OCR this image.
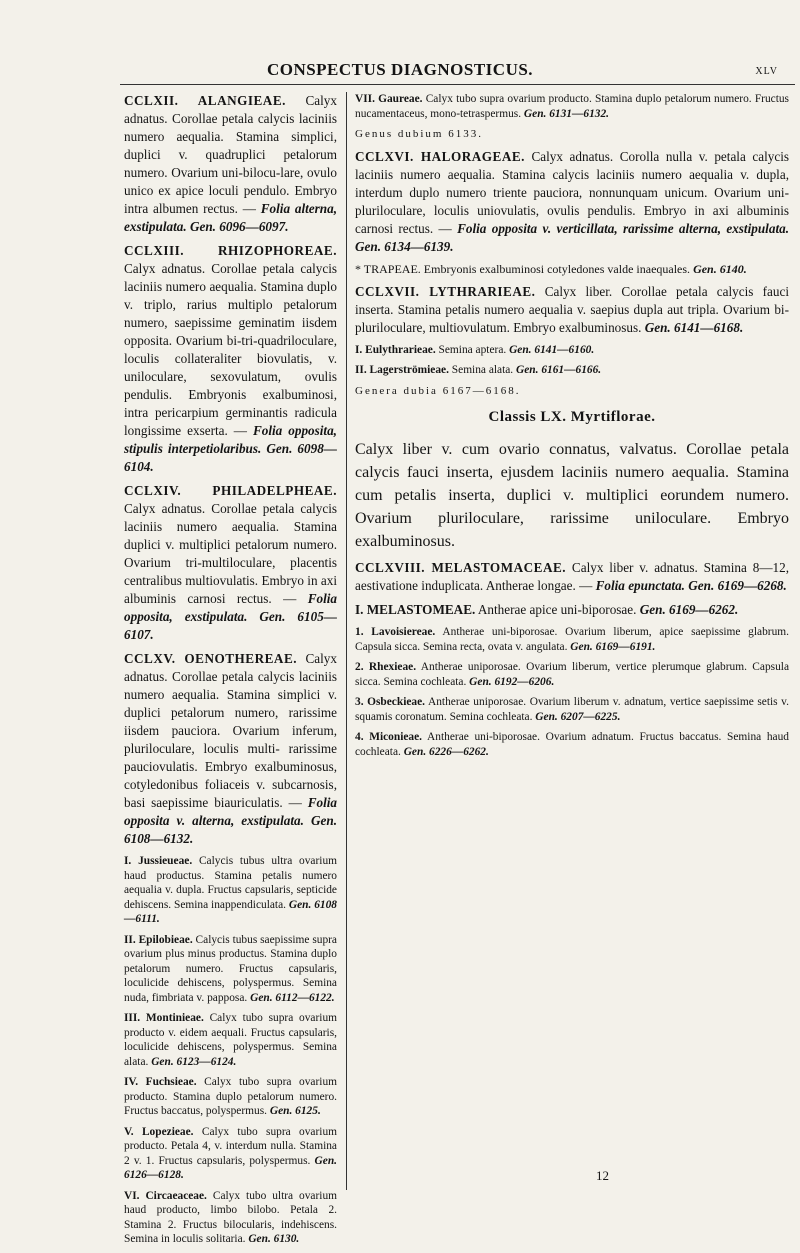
CONSPECTUS DIAGNOSTICUS.	XLV

CCLXII. ALANGIEAE. Calyx adnatus. Corollae petala calycis laciniis numero aequalia. Stamina simplici, duplici v. quadruplici petalorum numero. Ovarium uni-bilocu-lare, ovulo unico ex apice loculi pendulo. Embryo intra albumen rectus. — Folia alterna, exstipulata. Gen. 6096—6097.

CCLXIII. RHIZOPHOREAE. Calyx adnatus. Corollae petala calycis laciniis numero aequalia. Stamina duplo v. triplo, rarius multiplo petalorum numero, saepissime geminatim iisdem opposita. Ovarium bi-tri-quadriloculare, loculis collateraliter biovulatis, v. uniloculare, sexovulatum, ovulis pendulis. Embryonis exalbuminosi, intra pericarpium germinantis radicula longissime exserta. — Folia opposita, stipulis interpetiolaribus. Gen. 6098—6104.

CCLXIV. PHILADELPHEAE. Calyx adnatus. Corollae petala calycis laciniis numero aequalia. Stamina duplici v. multiplici petalorum numero. Ovarium tri-multiloculare, placentis centralibus multiovulatis. Embryo in axi albuminis carnosi rectus. — Folia opposita, exstipulata. Gen. 6105—6107.

CCLXV. OENOTHEREAE. Calyx adnatus. Corollae petala calycis laciniis numero aequalia. Stamina simplici v. duplici petalorum numero, rarissime iisdem pauciora. Ovarium inferum, pluriloculare, loculis multi- rarissime pauciovulatis. Embryo exalbuminosus, cotyledonibus foliaceis v. subcarnosis, basi saepissime biauriculatis. — Folia opposita v. alterna, exstipulata. Gen. 6108—6132.

I. Jussieueae. Calycis tubus ultra ovarium haud productus. Stamina petalis numero aequalia v. dupla. Fructus capsularis, septicide dehiscens. Semina inappendiculata. Gen. 6108—6111.

II. Epilobieae. Calycis tubus saepissime supra ovarium plus minus productus. Stamina duplo petalorum numero. Fructus capsularis, loculicide dehiscens, polyspermus. Semina nuda, fimbriata v. papposa. Gen. 6112—6122.

III. Montinieae. Calyx tubo supra ovarium producto v. eidem aequali. Fructus capsularis, loculicide dehiscens, polyspermus. Semina alata. Gen. 6123—6124.

IV. Fuchsieae. Calyx tubo supra ovarium producto. Stamina duplo petalorum numero. Fructus baccatus, polyspermus. Gen. 6125.

V. Lopezieae. Calyx tubo supra ovarium producto. Petala 4, v. interdum nulla. Stamina 2 v. 1. Fructus capsularis, polyspermus. Gen. 6126—6128.

VI. Circaeaceae. Calyx tubo ultra ovarium haud producto, limbo bilobo. Petala 2. Stamina 2. Fructus bilocularis, indehiscens. Semina in loculis solitaria. Gen. 6130.

VII. Gaureae. Calyx tubo supra ovarium producto. Stamina duplo petalorum numero. Fructus nucamentaceus, mono-tetraspermus. Gen. 6131—6132.

Genus dubium 6133.

CCLXVI. HALORAGEAE. Calyx adnatus. Corolla nulla v. petala calycis laciniis numero aequalia. Stamina calycis laciniis numero aequalia v. dupla, interdum duplo numero triente pauciora, nonnunquam unicum. Ovarium uni-pluriloculare, loculis uniovulatis, ovulis pendulis. Embryo in axi albuminis carnosi rectus. — Folia opposita v. verticillata, rarissime alterna, exstipulata. Gen. 6134—6139.

* TRAPEAE. Embryonis exalbuminosi cotyledones valde inaequales. Gen. 6140.

CCLXVII. LYTHRARIEAE. Calyx liber. Corollae petala calycis fauci inserta. Stamina petalis numero aequalia v. saepius dupla aut tripla. Ovarium bi-pluriloculare, multiovulatum. Embryo exalbuminosus. Gen. 6141—6168.

I. Eulythrarieae. Semina aptera. Gen. 6141—6160.

II. Lagerströmieae. Semina alata. Gen. 6161—6166.

Genera dubia 6167—6168.

Classis LX. Myrtiflorae.

Calyx liber v. cum ovario connatus, valvatus. Corollae petala calycis fauci inserta, ejusdem laciniis numero aequalia. Stamina cum petalis inserta, duplici v. multiplici eorundem numero. Ovarium pluriloculare, rarissime uniloculare. Embryo exalbuminosus.

CCLXVIII. MELASTOMACEAE. Calyx liber v. adnatus. Stamina 8—12, aestivatione induplicata. Antherae longae. — Folia epunctata. Gen. 6169—6268.

I. MELASTOMEAE. Antherae apice uni-biporosae. Gen. 6169—6262.

1. Lavoisiereae. Antherae uni-biporosae. Ovarium liberum, apice saepissime glabrum. Capsula sicca. Semina recta, ovata v. angulata. Gen. 6169—6191.

2. Rhexieae. Antherae uniporosae. Ovarium liberum, vertice plerumque glabrum. Capsula sicca. Semina cochleata. Gen. 6192—6206.

3. Osbeckieae. Antherae uniporosae. Ovarium liberum v. adnatum, vertice saepissime setis v. squamis coronatum. Semina cochleata. Gen. 6207—6225.

4. Miconieae. Antherae uni-biporosae. Ovarium adnatum. Fructus baccatus. Semina haud cochleata. Gen. 6226—6262.

12
